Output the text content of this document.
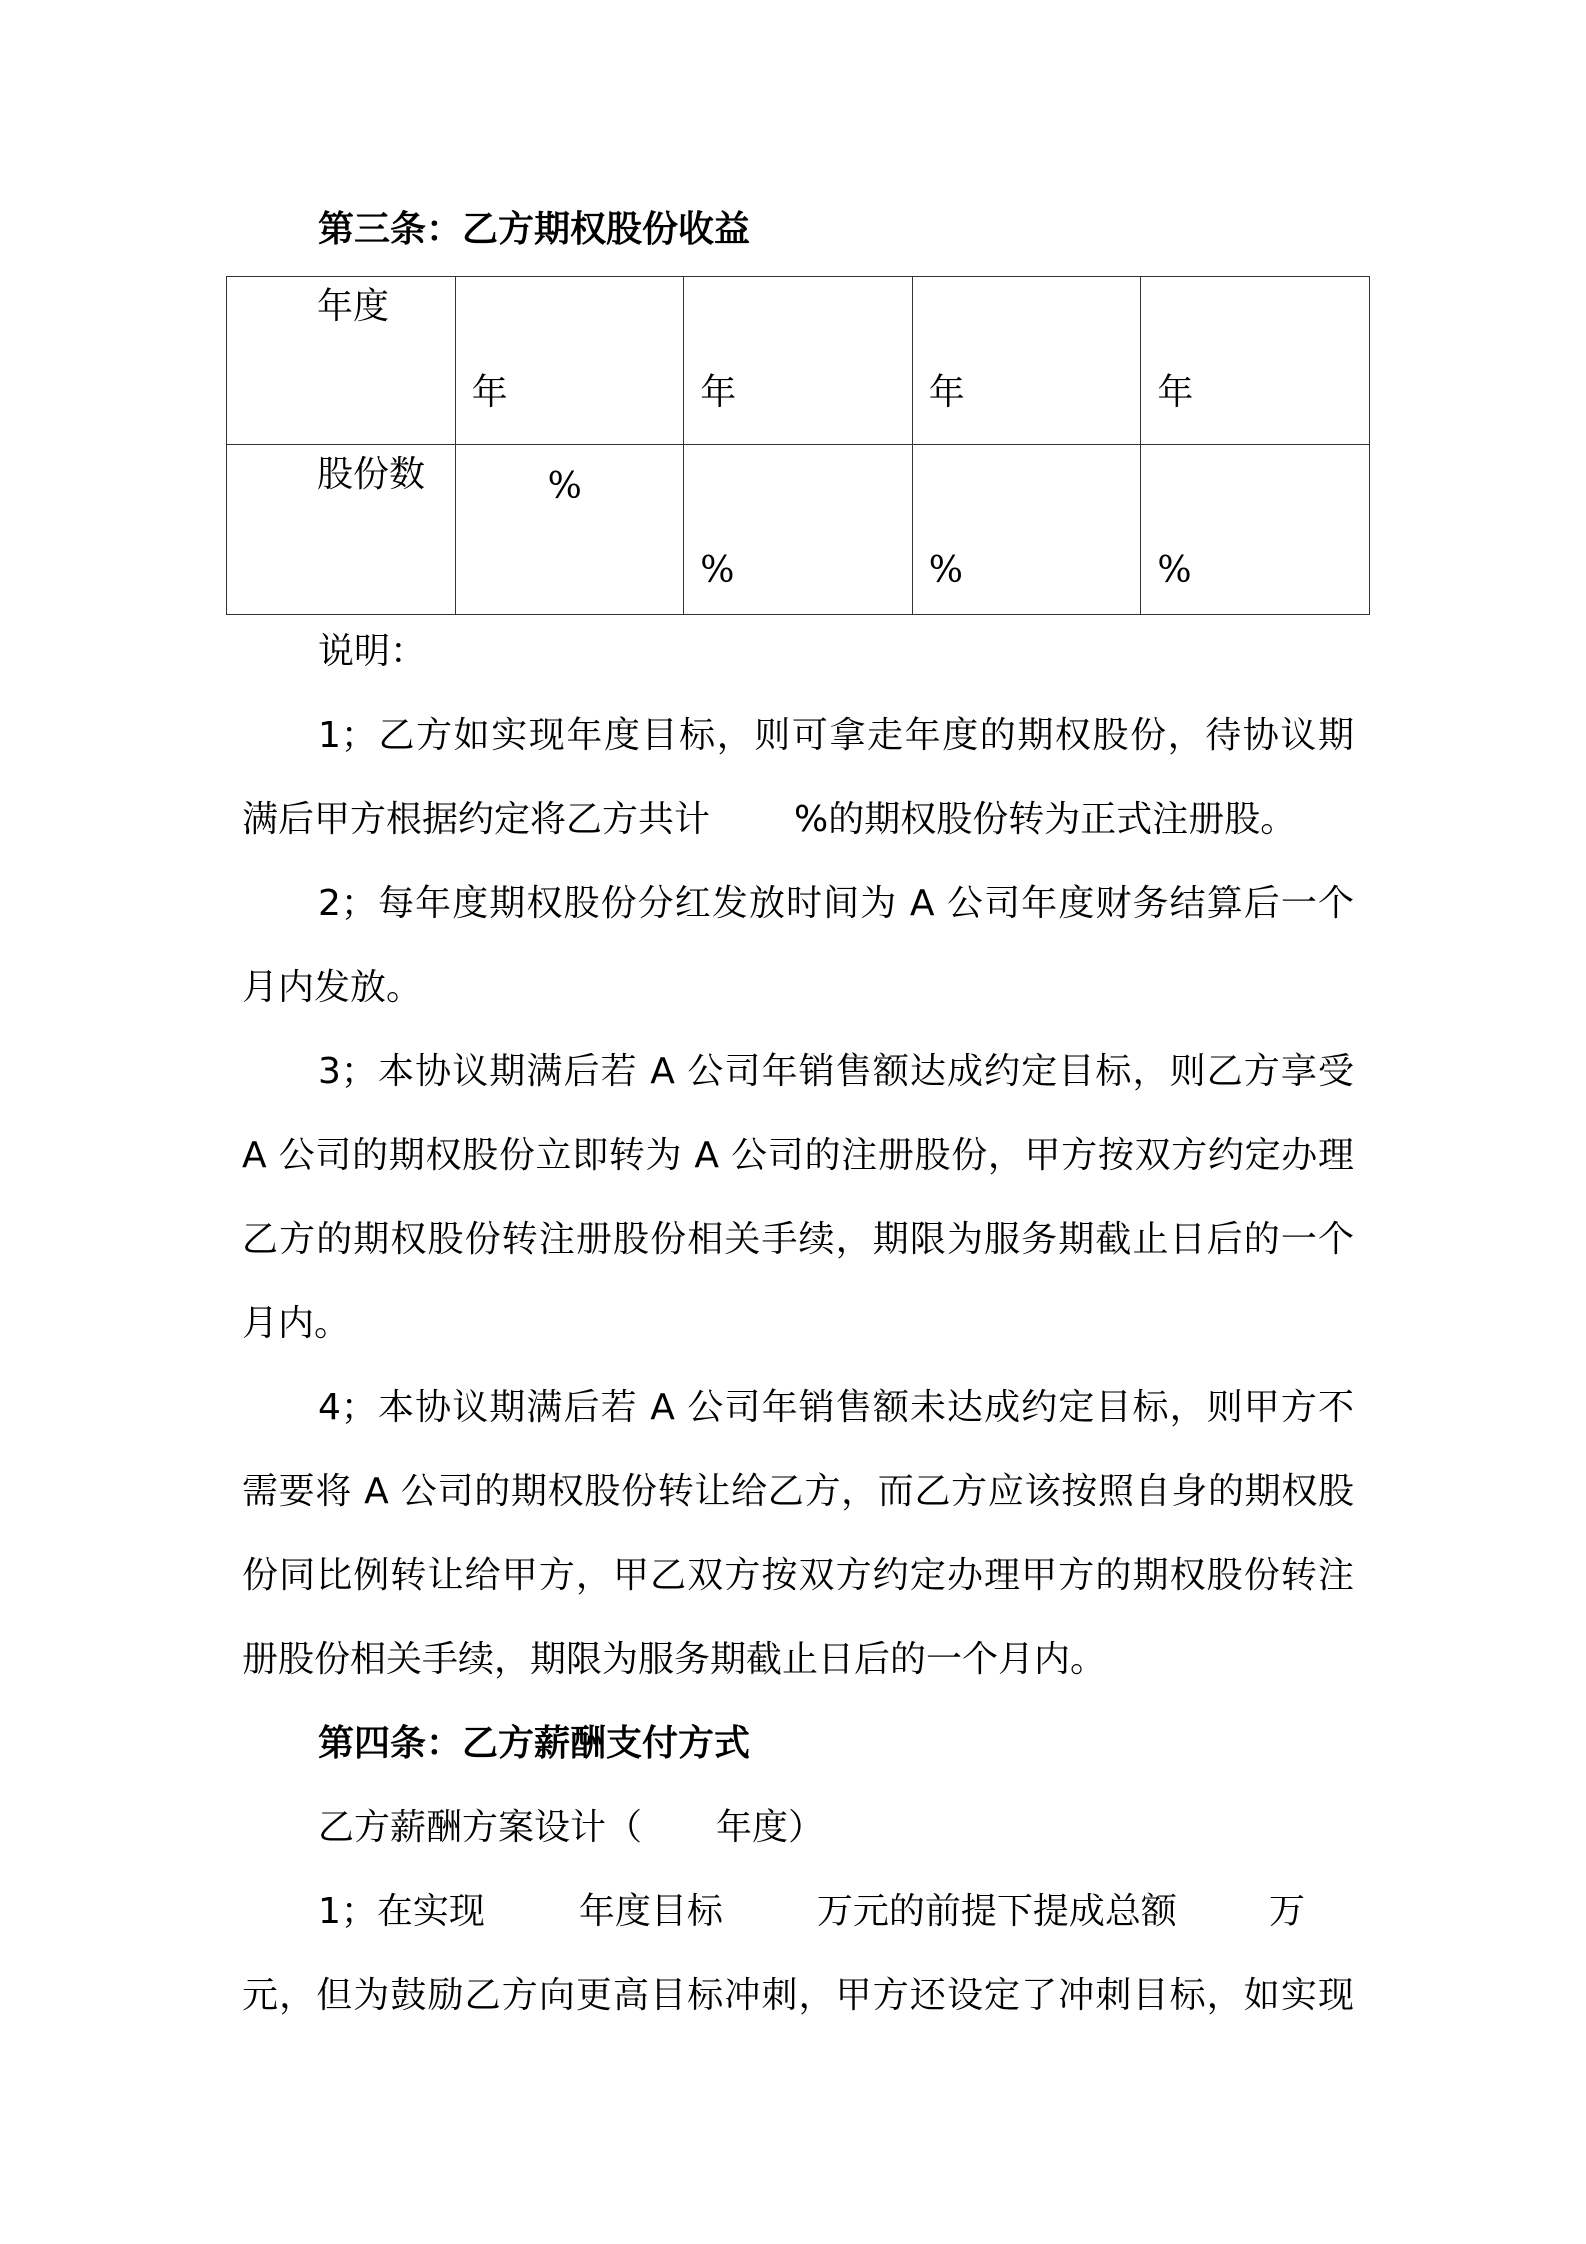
第三条：乙方期权股份收益
年度	年	年	年	年

股份数	%	%	%	%
说明：
1；乙方如实现年度目标，则可拿走年度的期权股份，待协议期
满后甲方根据约定将乙方共计 %的期权股份转为正式注册股。
2；每年度期权股份分红发放时间为 A 公司年度财务结算后一个
月内发放。
3；本协议期满后若 A 公司年销售额达成约定目标，则乙方享受
A 公司的期权股份立即转为 A 公司的注册股份，甲方按双方约定办理
乙方的期权股份转注册股份相关手续，期限为服务期截止日后的一个
月内。
4；本协议期满后若 A 公司年销售额未达成约定目标，则甲方不
需要将 A 公司的期权股份转让给乙方，而乙方应该按照自身的期权股
份同比例转让给甲方，甲乙双方按双方约定办理甲方的期权股份转注
册股份相关手续，期限为服务期截止日后的一个月内。
第四条：乙方薪酬支付方式
乙方薪酬方案设计（ 年度）
1；在实现	年度目标	万元的前提下提成总额	万
元，但为鼓励乙方向更高目标冲刺，甲方还设定了冲刺目标，如实现
